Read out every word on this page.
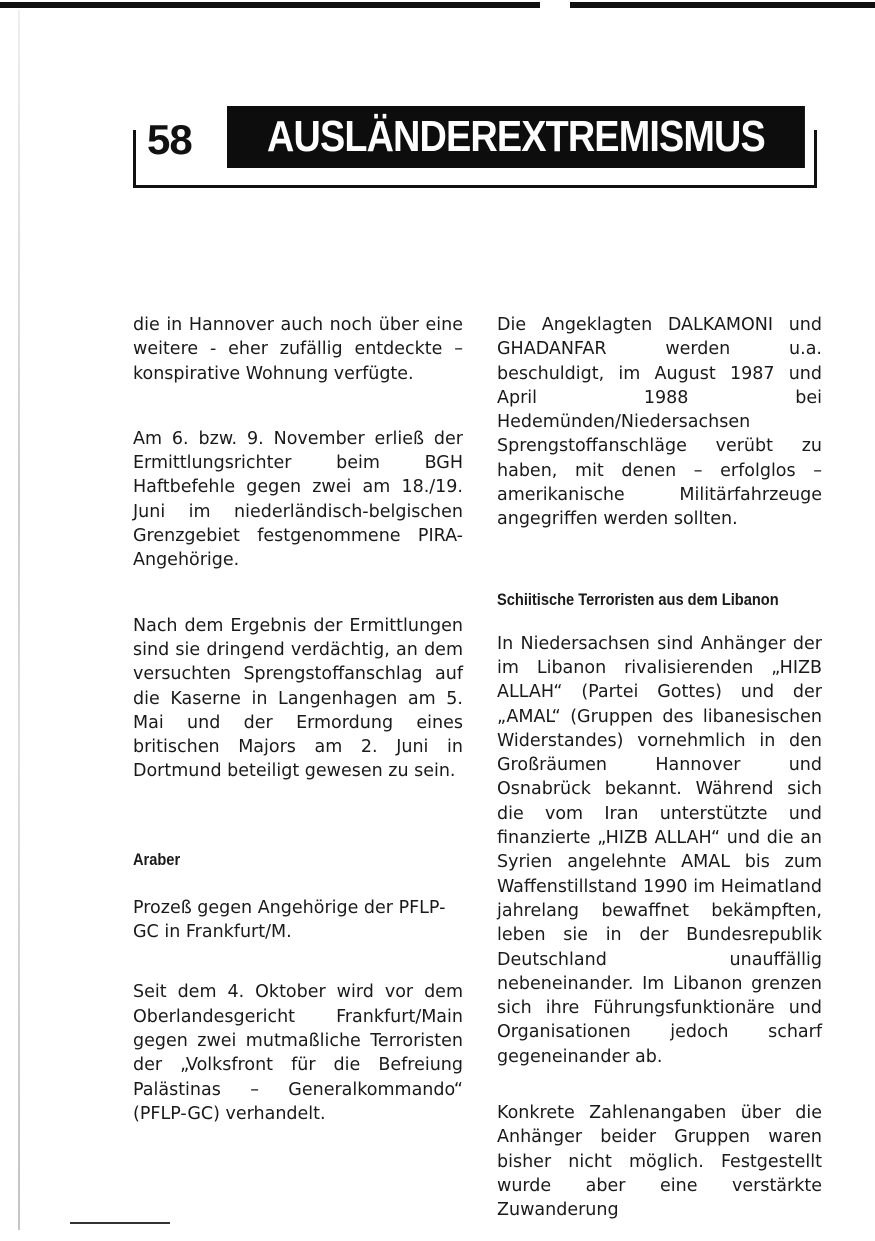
58	AUSLÄNDEREXTREMISMUS

die in Hannover auch noch über eine weitere - eher zufällig entdeckte – konspirative Wohnung verfügte.

Am 6. bzw. 9. November erließ der Ermittlungsrichter beim BGH Haftbefehle gegen zwei am 18./19. Juni im niederländisch-belgischen Grenzgebiet festgenommene PIRA-Angehörige.

Nach dem Ergebnis der Ermittlungen sind sie dringend verdächtig, an dem versuchten Sprengstoffanschlag auf die Kaserne in Langenhagen am 5. Mai und der Ermordung eines britischen Majors am 2. Juni in Dortmund beteiligt gewesen zu sein.

Araber

Prozeß gegen Angehörige der PFLP-GC in Frankfurt/M.

Seit dem 4. Oktober wird vor dem Oberlandesgericht Frankfurt/Main gegen zwei mutmaßliche Terroristen der „Volksfront für die Befreiung Palästinas – Generalkommando“ (PFLP-GC) verhandelt.

Die Angeklagten DALKAMONI und GHADANFAR werden u.a. beschuldigt, im August 1987 und April 1988 bei Hedemünden/Niedersachsen Sprengstoffanschläge verübt zu haben, mit denen – erfolglos – amerikanische Militärfahrzeuge angegriffen werden sollten.

Schiitische Terroristen aus dem Libanon

In Niedersachsen sind Anhänger der im Libanon rivalisierenden „HIZB ALLAH“ (Partei Gottes) und der „AMAL“ (Gruppen des libanesischen Widerstandes) vornehmlich in den Großräumen Hannover und Osnabrück bekannt. Während sich die vom Iran unterstützte und finanzierte „HIZB ALLAH“ und die an Syrien angelehnte AMAL bis zum Waffenstillstand 1990 im Heimatland jahrelang bewaffnet bekämpften, leben sie in der Bundesrepublik Deutschland unauffällig nebeneinander. Im Libanon grenzen sich ihre Führungsfunktionäre und Organisationen jedoch scharf gegeneinander ab.

Konkrete Zahlenangaben über die Anhänger beider Gruppen waren bisher nicht möglich. Festgestellt wurde aber eine verstärkte Zuwanderung
